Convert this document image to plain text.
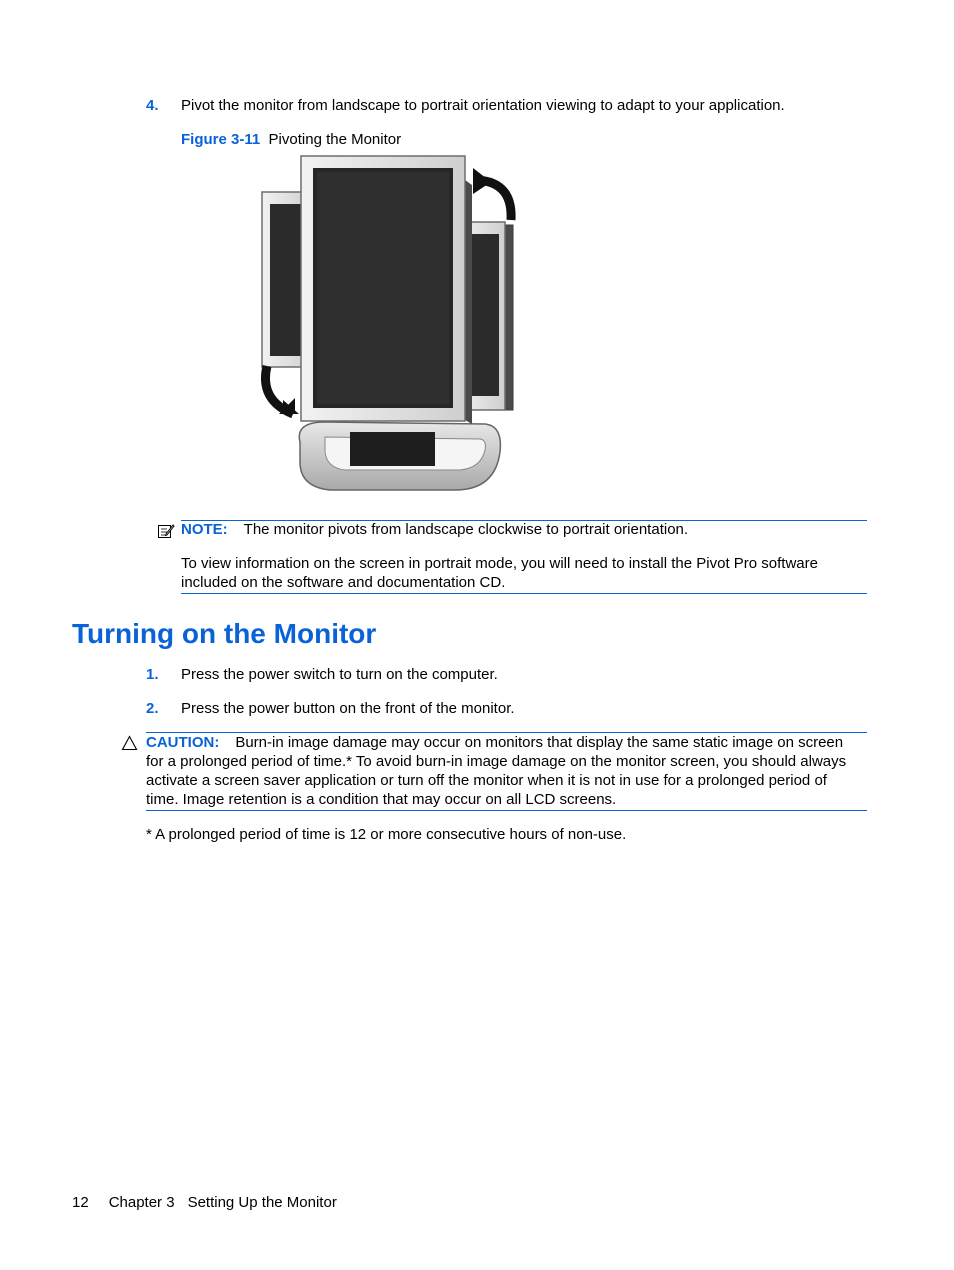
4. Pivot the monitor from landscape to portrait orientation viewing to adapt to your application.
Figure 3-11 Pivoting the Monitor
NOTE: The monitor pivots from landscape clockwise to portrait orientation.
To view information on the screen in portrait mode, you will need to install the Pivot Pro software included on the software and documentation CD.
Turning on the Monitor
1. Press the power switch to turn on the computer.
2. Press the power button on the front of the monitor.
CAUTION: Burn-in image damage may occur on monitors that display the same static image on screen for a prolonged period of time.* To avoid burn-in image damage on the monitor screen, you should always activate a screen saver application or turn off the monitor when it is not in use for a prolonged period of time. Image retention is a condition that may occur on all LCD screens.
* A prolonged period of time is 12 or more consecutive hours of non-use.
12 Chapter 3 Setting Up the Monitor
